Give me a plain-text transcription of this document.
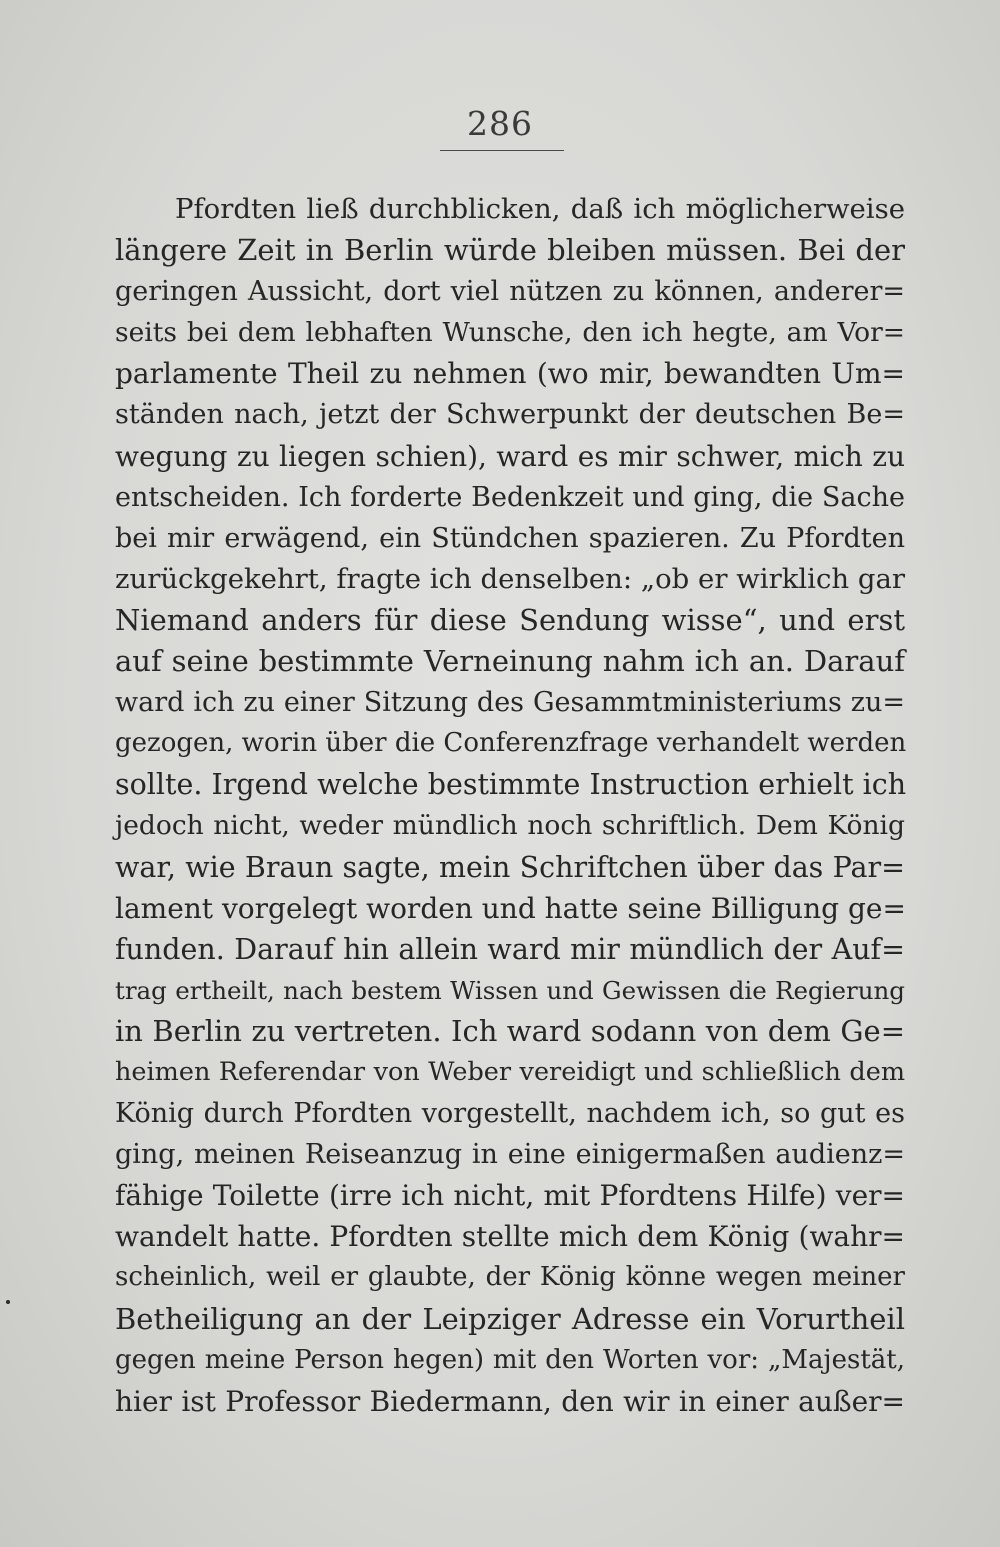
286
Pfordten ließ durchblicken, daß ich möglicherweise
längere Zeit in Berlin würde bleiben müssen. Bei der
geringen Aussicht, dort viel nützen zu können, anderer=
seits bei dem lebhaften Wunsche, den ich hegte, am Vor=
parlamente Theil zu nehmen (wo mir, bewandten Um=
ständen nach, jetzt der Schwerpunkt der deutschen Be=
wegung zu liegen schien), ward es mir schwer, mich zu
entscheiden. Ich forderte Bedenkzeit und ging, die Sache
bei mir erwägend, ein Stündchen spazieren. Zu Pfordten
zurückgekehrt, fragte ich denselben: „ob er wirklich gar
Niemand anders für diese Sendung wisse“, und erst
auf seine bestimmte Verneinung nahm ich an. Darauf
ward ich zu einer Sitzung des Gesammtministeriums zu=
gezogen, worin über die Conferenzfrage verhandelt werden
sollte. Irgend welche bestimmte Instruction erhielt ich
jedoch nicht, weder mündlich noch schriftlich. Dem König
war, wie Braun sagte, mein Schriftchen über das Par=
lament vorgelegt worden und hatte seine Billigung ge=
funden. Darauf hin allein ward mir mündlich der Auf=
trag ertheilt, nach bestem Wissen und Gewissen die Regierung
in Berlin zu vertreten. Ich ward sodann von dem Ge=
heimen Referendar von Weber vereidigt und schließlich dem
König durch Pfordten vorgestellt, nachdem ich, so gut es
ging, meinen Reiseanzug in eine einigermaßen audienz=
fähige Toilette (irre ich nicht, mit Pfordtens Hilfe) ver=
wandelt hatte. Pfordten stellte mich dem König (wahr=
scheinlich, weil er glaubte, der König könne wegen meiner
Betheiligung an der Leipziger Adresse ein Vorurtheil
gegen meine Person hegen) mit den Worten vor: „Majestät,
hier ist Professor Biedermann, den wir in einer außer=
